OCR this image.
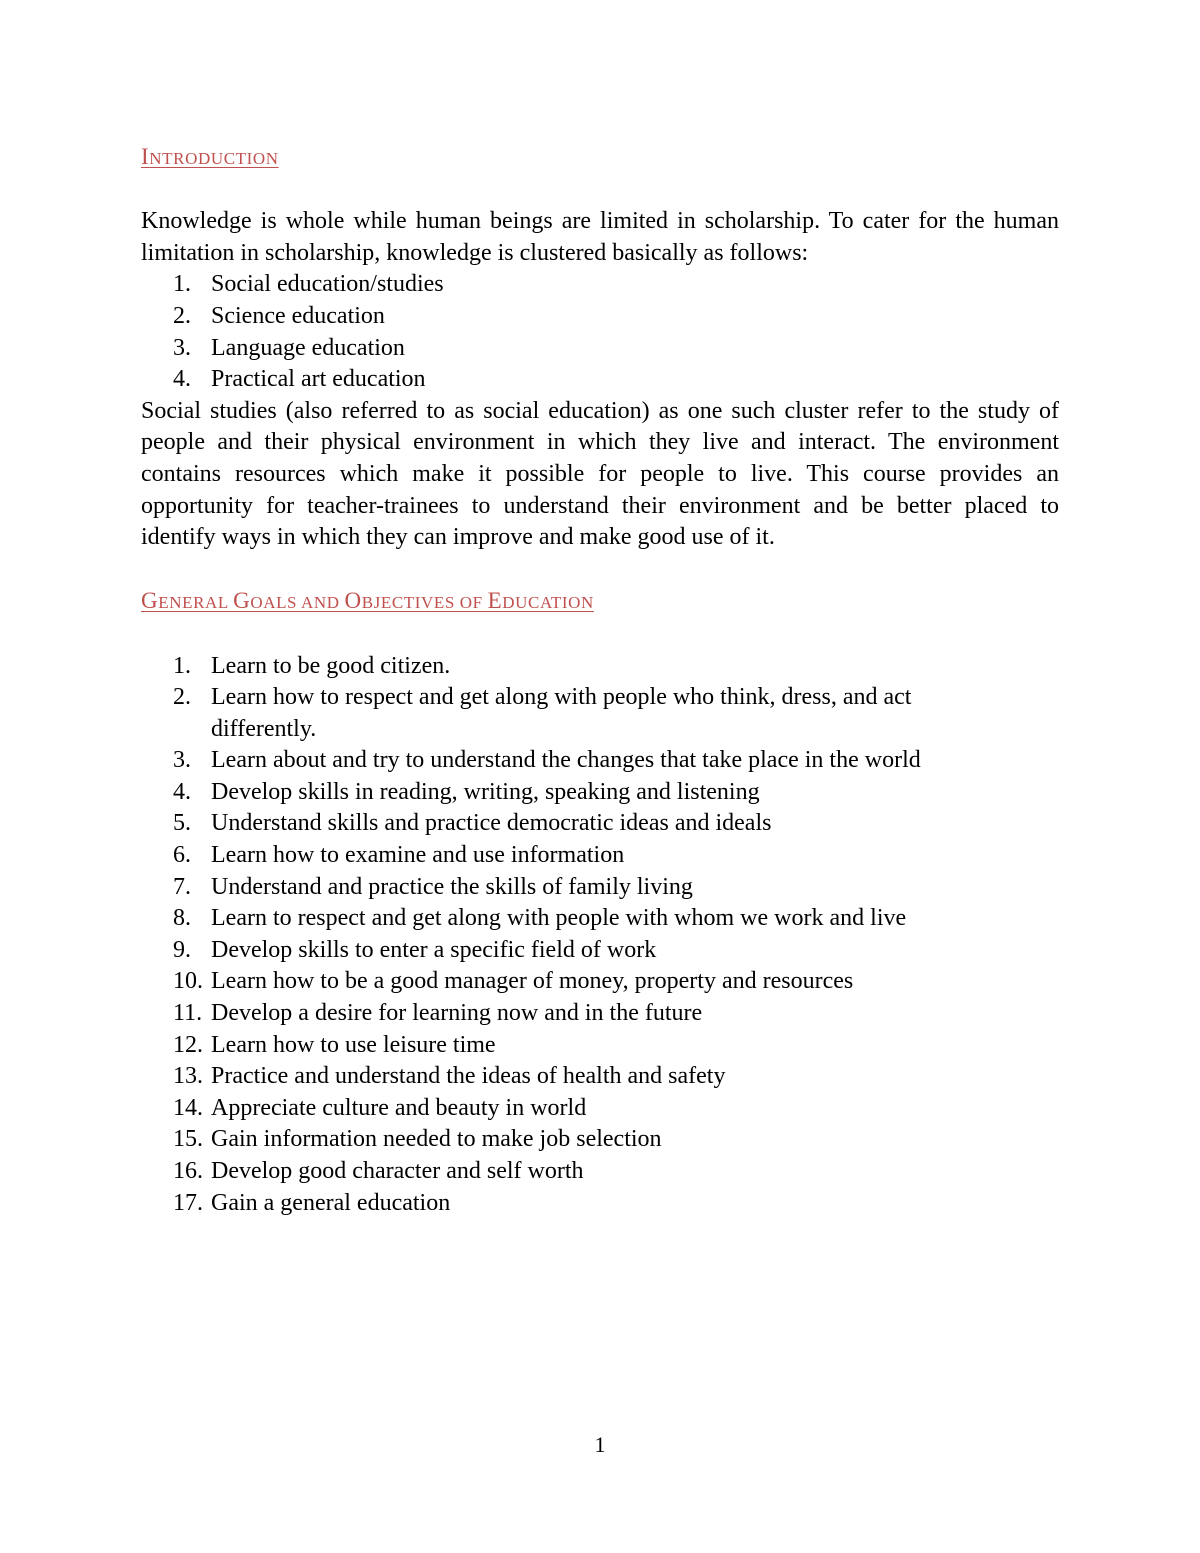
INTRODUCTION

Knowledge is whole while human beings are limited in scholarship. To cater for the human limitation in scholarship, knowledge is clustered basically as follows:

1. Social education/studies
2. Science education
3. Language education
4. Practical art education

Social studies (also referred to as social education) as one such cluster refer to the study of people and their physical environment in which they live and interact. The environment contains resources which make it possible for people to live. This course provides an opportunity for teacher-trainees to understand their environment and be better placed to identify ways in which they can improve and make good use of it.

GENERAL GOALS AND OBJECTIVES OF EDUCATION
1. Learn to be good citizen.
2. Learn how to respect and get along with people who think, dress, and act differently.
3. Learn about and try to understand the changes that take place in the world
4. Develop skills in reading, writing, speaking and listening
5. Understand skills and practice democratic ideas and ideals
6. Learn how to examine and use information
7. Understand and practice the skills of family living
8. Learn to respect and get along with people with whom we work and live
9. Develop skills to enter a specific field of work
10. Learn how to be a good manager of money, property and resources
11. Develop a desire for learning now and in the future
12. Learn how to use leisure time
13. Practice and understand the ideas of health and safety
14. Appreciate culture and beauty in world
15. Gain information needed to make job selection
16. Develop good character and self worth
17. Gain a general education
1
